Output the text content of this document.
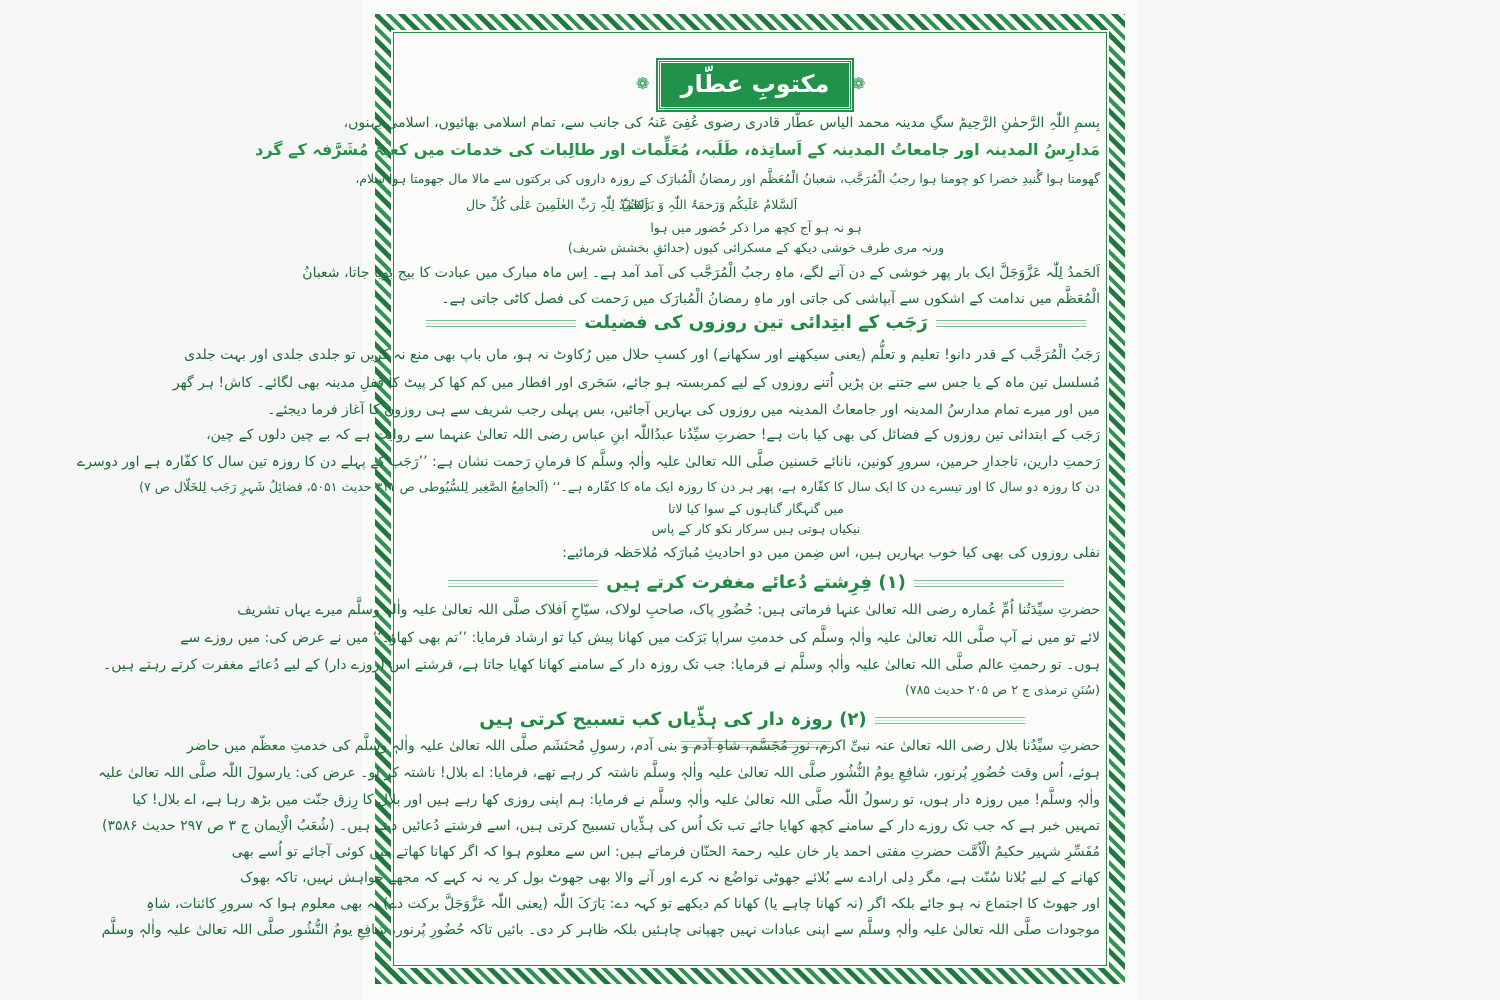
❁	مکتوبِ عطّار	❁
بِسمِ اللّٰہِ الرَّحمٰنِ الرَّحِیمؕ سگِ مدینہ محمد الیاس عطّار قادری رضوی عُفِیَ عَنہُ کی جانب سے، تمام اسلامی بھائیوں، اسلامی بہنوں،
مَدارِسُ المدینہ اور جامعاتُ المدینہ کے اَساتِذہ، طَلَبہ، مُعَلِّمات اور طالِبات کی خدمات میں کعبۂ مُشَرَّفہ کے گرد
گھومتا ہوا گُنبدِ خضرا کو چومتا ہوا رجبُ الْمُرَجَّب، شعبانُ الْمُعَظَّم اور رمضانُ الْمُبارَک کے روزہ داروں کی برکتوں سے مالا مال جھومتا ہوا سلام،
اَلسَّلامُ عَلَیکُم وَرَحمَۃُ اللّٰہِ وَ بَرَکاتُہٗ
اَلحَمدُ لِلّٰہِ رَبِّ العٰلَمِینَ عَلٰی کُلِّ حال
ہو نہ ہو آج کچھ مرا ذکر حُضور میں ہوا
ورنہ مری طرف خوشی دیکھ کے مسکرائی کیوں (حدائقِ بخشش شریف)
اَلحَمدُ لِلّٰہ عَزَّوَجَلَّ ایک بار پھر خوشی کے دن آنے لگے، ماہِ رجبُ الْمُرَجَّب کی آمد آمد ہے۔ اِس ماہ مبارک میں عبادت کا بیج بویا جاتا، شعبانُ
الْمُعَظَّم میں ندامت کے اشکوں سے آبپاشی کی جاتی اور ماہِ رمضانُ الْمُبارَک میں رَحمت کی فصل کاٹی جاتی ہے۔
رَجَب کے ابتِدائی تین روزوں کی فضیلت
رَجَبُ الْمُرَجَّب کے قدر دانو! تعلیم و تعلُّم (یعنی سیکھنے اور سکھانے) اور کسبِ حلال میں رُکاوٹ نہ ہو، ماں باپ بھی منع نہ کریں تو جلدی جلدی اور بہت جلدی
مُسلسل تین ماہ کے یا جس سے جتنے بن پڑیں اُتنے روزوں کے لیے کمربستہ ہو جائے، سَحَری اور افطار میں کم کھا کر پیٹ کا قفلِ مدینہ بھی لگائے۔ کاش! ہر گھر
میں اور میرے تمام مدارسُ المدینہ اور جامعاتُ المدینہ میں روزوں کی بہاریں آجائیں، بس پہلی رجب شریف سے ہی روزوں کا آغاز فرما دیجئے۔
رَجَب کے ابتدائی تین روزوں کے فضائل کی بھی کیا بات ہے! حضرتِ سیِّدُنا عبدُاللّٰہ ابنِ عباس رضی اللہ تعالیٰ عنہما سے روایت ہے کہ بے چین دلوں کے چین،
رَحمتِ دارین، تاجدارِ حرمین، سرورِ کونین، نانائے حَسنین صلَّی اللہ تعالیٰ علیہ واٰلہٖ وسلَّم کا فرمانِ رَحمت نشان ہے: ’’رَجَب کے پہلے دن کا روزہ تین سال کا کفّارہ ہے اور دوسرے
دن کا روزہ دو سال کا اور تیسرے دن کا ایک سال کا کفّارہ ہے، پھر ہر دن کا روزہ ایک ماہ کا کفّارہ ہے۔‘‘ (اَلجامِعُ الصَّغِیر لِلسُّیُوطی ص ۳۱۱ حدیث ۵۰۵۱، فضائِلُ شَہرِ رَجَب لِلخَلّال ص ۷)
میں گنہگار گناہوں کے سوا کیا لاتا
نیکیاں ہوتی ہیں سرکار نکو کار کے پاس
نفلی روزوں کی بھی کیا خوب بہاریں ہیں، اس ضِمن میں دو احادیثِ مُبارَکہ مُلاحَظہ فرمائیے:
(۱) فِرِشتے دُعائے مغفرت کرتے ہیں
حضرتِ سیِّدَتُنا اُمِّ عُمارہ رضی اللہ تعالیٰ عنہا فرماتی ہیں: حُضُورِ پاک، صاحبِ لولاک، سیّاحِ اَفلاک صلَّی اللہ تعالیٰ علیہ واٰلہٖ وسلَّم میرے یہاں تشریف
لائے تو میں نے آپ صلَّی اللہ تعالیٰ علیہ واٰلہٖ وسلَّم کی خدمتِ سراپا بَرَکت میں کھانا پیش کیا تو ارشاد فرمایا: ’’تم بھی کھاؤ۔‘‘ میں نے عرض کی: میں روزے سے
ہوں۔ تو رحمتِ عالم صلَّی اللہ تعالیٰ علیہ واٰلہٖ وسلَّم نے فرمایا: جب تک روزہ دار کے سامنے کھانا کھایا جاتا ہے، فرشتے اس (روزے دار) کے لیے دُعائے مغفرت کرتے رہتے ہیں۔
(سُنَنِ ترمذی ج ۲ ص ۲۰۵ حدیث ۷۸۵)
(۲) روزہ دار کی ہڈّیاں کب تسبیح کرتی ہیں
حضرتِ سیِّدُنا بلال رضی اللہ تعالیٰ عنہ نبیِّ اکرم، نورِ مُجَسَّم، شاہِ آدم و بنی آدم، رسولِ مُحتَشَم صلَّی اللہ تعالیٰ علیہ واٰلہٖ وسلَّم کی خدمتِ معظّم میں حاضر
ہوئے، اُس وقت حُضُورِ پُرنور، شافِعِ یومُ النُّشُور صلَّی اللہ تعالیٰ علیہ واٰلہٖ وسلَّم ناشتہ کر رہے تھے، فرمایا: اے بلال! ناشتہ کر لو۔ عرض کی: یارسولَ اللّٰہ صلَّی اللہ تعالیٰ علیہ
واٰلہٖ وسلَّم! میں روزہ دار ہوں، تو رسولُ اللّٰہ صلَّی اللہ تعالیٰ علیہ واٰلہٖ وسلَّم نے فرمایا: ہم اپنی روزی کھا رہے ہیں اور بلال کا رِزق جنّت میں بڑھ رہا ہے، اے بلال! کیا
تمہیں خبر ہے کہ جب تک روزے دار کے سامنے کچھ کھایا جائے تب تک اُس کی ہڈّیاں تسبیح کرتی ہیں، اسے فرشتے دُعائیں دیتے ہیں۔ (شُعَبُ الْاِیمان ج ۳ ص ۲۹۷ حدیث ۳۵۸۶)
مُفَسِّرِ شہیر حکیمُ الْاُمَّت حضرتِ مفتی احمد یار خان علیہ رحمۃ الحنّان فرماتے ہیں: اس سے معلوم ہوا کہ اگر کھانا کھاتے میں کوئی آجائے تو اُسے بھی
کھانے کے لیے بُلانا سُنّت ہے، مگر دِلی ارادے سے بُلائے جھوٹی تواضُع نہ کرے اور آنے والا بھی جھوٹ بول کر یہ نہ کہے کہ مجھے خواہش نہیں، تاکہ بھوک
اور جھوٹ کا اجتماع نہ ہو جائے بلکہ اگر (نہ کھانا چاہے یا) کھانا کم دیکھے تو کہہ دے: بَارَکَ اللّٰہ (یعنی اللّٰہ عَزَّوَجَلَّ برکت دے) یہ بھی معلوم ہوا کہ سرورِ کائنات، شاہِ
موجودات صلَّی اللہ تعالیٰ علیہ واٰلہٖ وسلَّم سے اپنی عبادات نہیں چھپانی چاہئیں بلکہ ظاہر کر دی۔ بائیں تاکہ حُضُورِ پُرنور، شافِعِ یومُ النُّشُور صلَّی اللہ تعالیٰ علیہ واٰلہٖ وسلَّم
